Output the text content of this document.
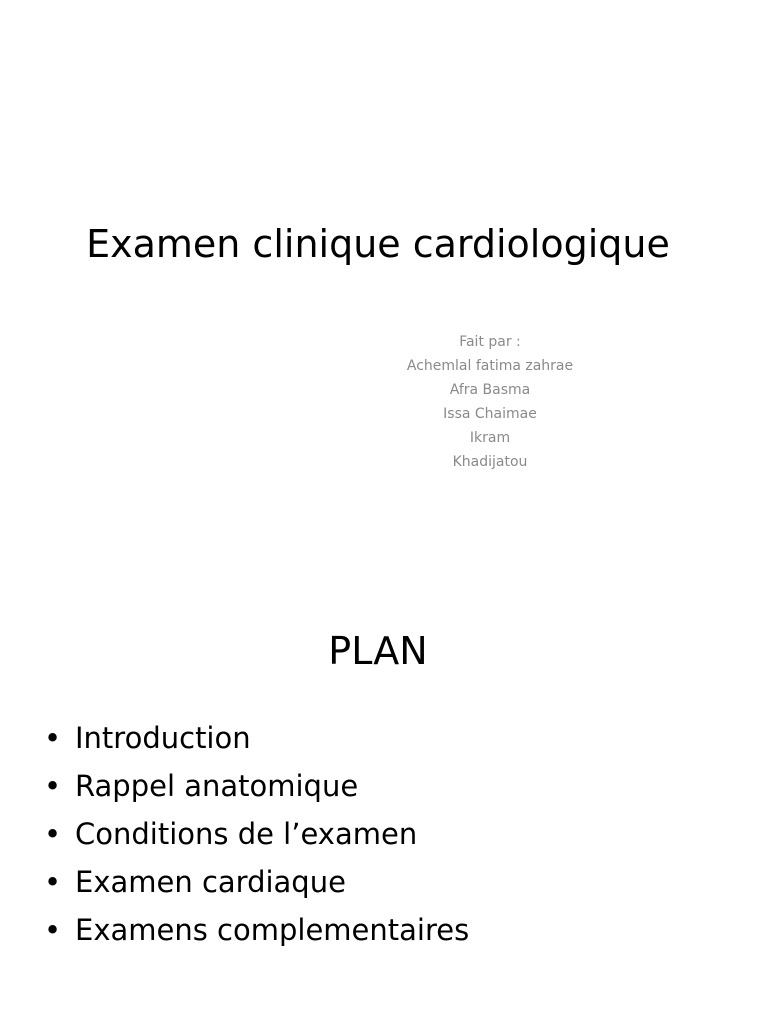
Examen clinique cardiologique
Fait par :
Achemlal fatima zahrae
Afra Basma
Issa Chaimae
Ikram
Khadijatou
PLAN
• Introduction
• Rappel anatomique
• Conditions de l’examen
• Examen cardiaque
• Examens complementaires
